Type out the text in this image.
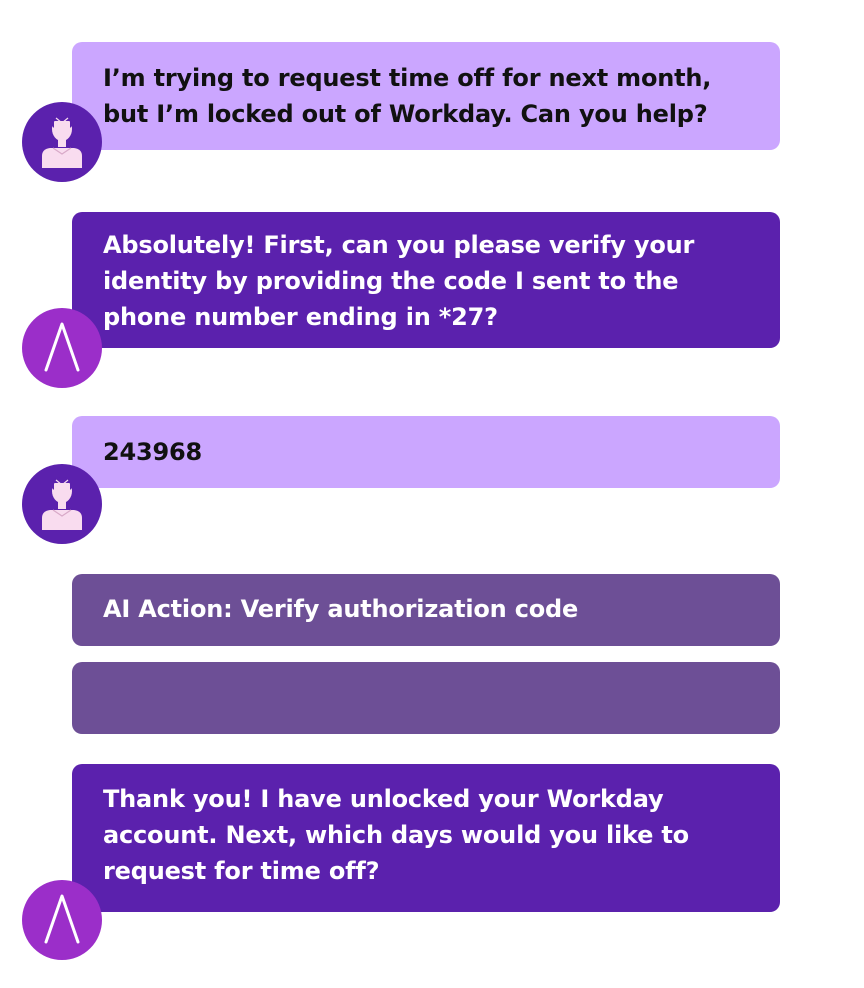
I’m trying to request time off for next month,
but I’m locked out of Workday. Can you help?
Absolutely! First, can you please verify your
identity by providing the code I sent to the
phone number ending in *27?
243968
AI Action: Verify authorization code

Thank you! I have unlocked your Workday
account. Next, which days would you like to
request for time off?
